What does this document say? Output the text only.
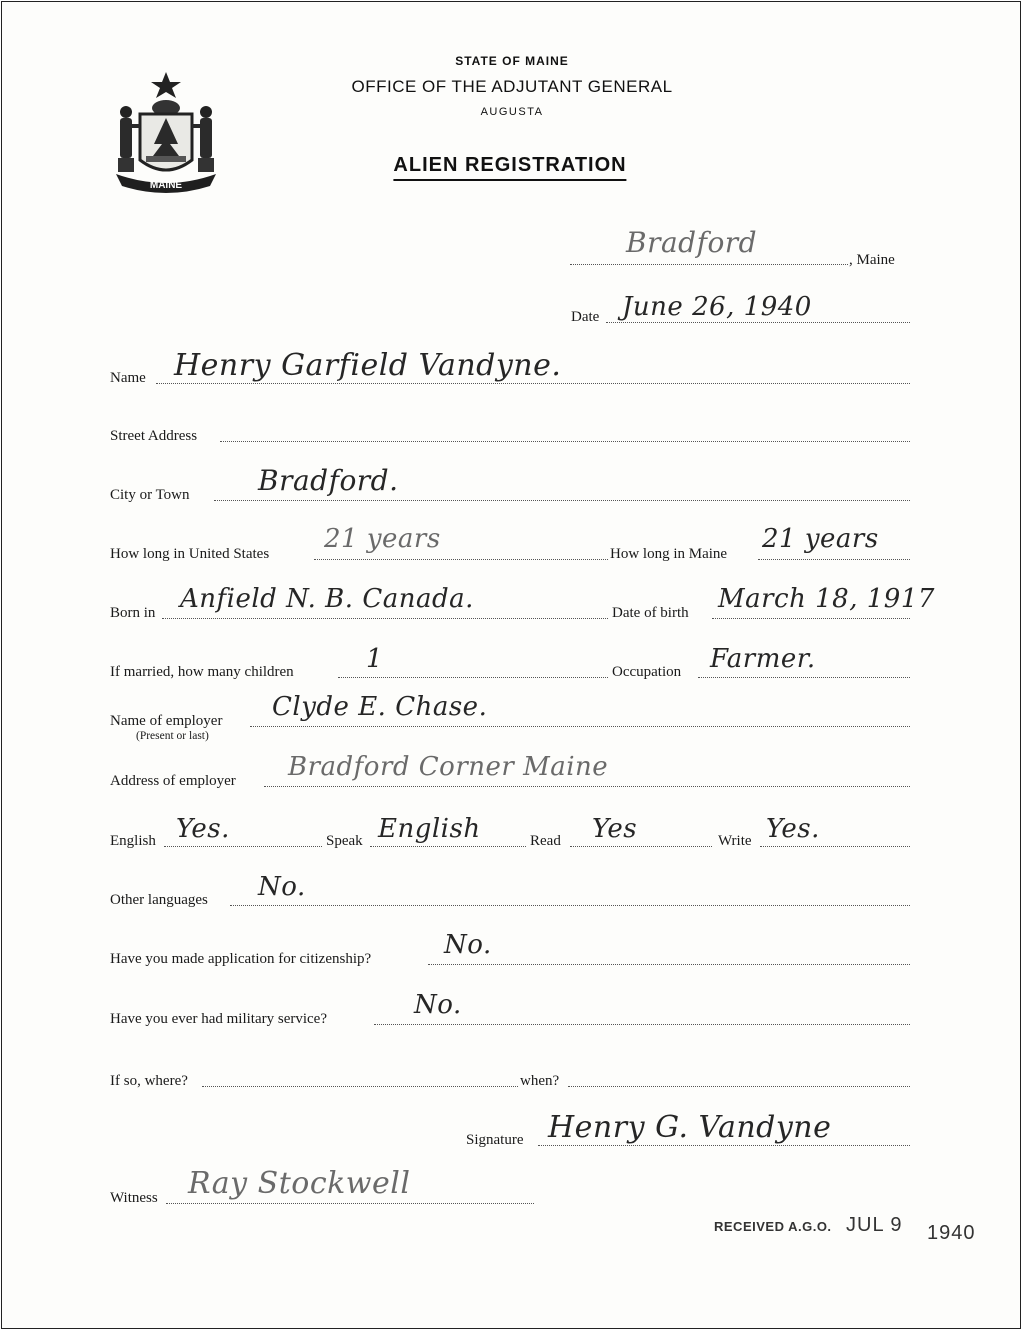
MAINE
STATE OF MAINE
OFFICE OF THE ADJUTANT GENERAL
AUGUSTA
ALIEN REGISTRATION
Bradford
, Maine
Date June 26, 1940
Name Henry Garfield Vandyne.
Street Address
City or Town Bradford.
How long in United States 21 years	How long in Maine 21 years
Born in Anfield N. B. Canada.	Date of birth March 18, 1917
If married, how many children	1	Occupation Farmer.
Name of employer
(Present or last)
Clyde E. Chase.
Address of employer Bradford Corner Maine
English Yes.	Speak English	Read Yes	Write Yes.
Other languages No.
Have you made application for citizenship?	No.
Have you ever had military service?	No.
If so, where?	when?
Signature Henry G. Vandyne
Witness Ray Stockwell
RECEIVED A.G.O. JUL 9 1940
